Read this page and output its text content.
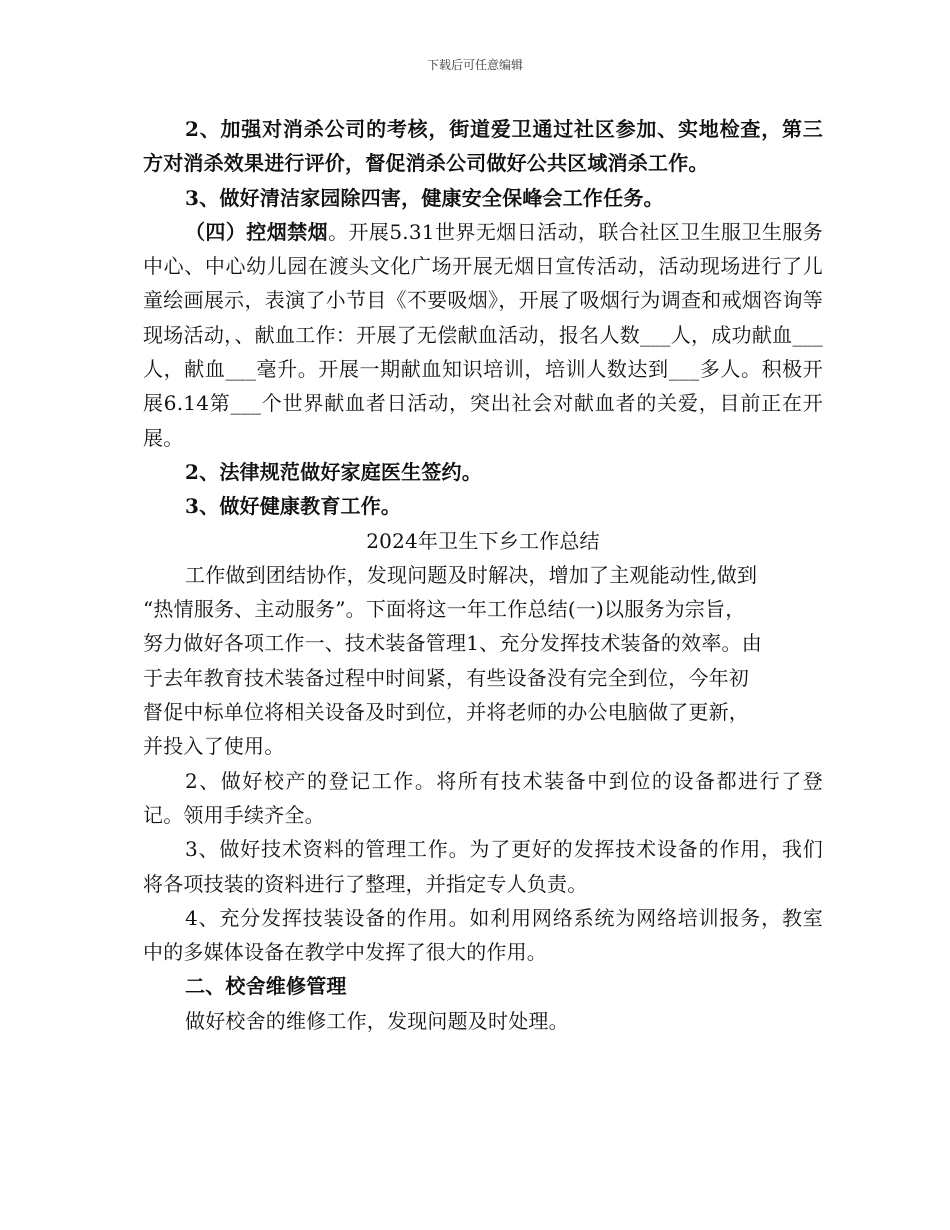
下载后可任意编辑

2、加强对消杀公司的考核，街道爱卫通过社区参加、实地检查，第三方对消杀效果进行评价，督促消杀公司做好公共区域消杀工作。

3、做好清洁家园除四害，健康安全保峰会工作任务。

（四）控烟禁烟。开展5.31世界无烟日活动，联合社区卫生服卫生服务中心、中心幼儿园在渡头文化广场开展无烟日宣传活动，活动现场进行了儿童绘画展示，表演了小节目《不要吸烟》，开展了吸烟行为调查和戒烟咨询等现场活动，、献血工作：开展了无偿献血活动，报名人数___人，成功献血___人，献血___毫升。开展一期献血知识培训，培训人数达到___多人。积极开展6.14第___个世界献血者日活动，突出社会对献血者的关爱，目前正在开展。

2、法律规范做好家庭医生签约。

3、做好健康教育工作。

2024年卫生下乡工作总结

工作做到团结协作，发现问题及时解决，增加了主观能动性,做到
“热情服务、主动服务”。下面将这一年工作总结(一)以服务为宗旨，
努力做好各项工作一、技术装备管理1、充分发挥技术装备的效率。由
于去年教育技术装备过程中时间紧，有些设备没有完全到位，今年初
督促中标单位将相关设备及时到位，并将老师的办公电脑做了更新，
并投入了使用。

2、做好校产的登记工作。将所有技术装备中到位的设备都进行了登记。领用手续齐全。

3、做好技术资料的管理工作。为了更好的发挥技术设备的作用，我们将各项技装的资料进行了整理，并指定专人负责。

4、充分发挥技装设备的作用。如利用网络系统为网络培训报务，教室中的多媒体设备在教学中发挥了很大的作用。

二、校舍维修管理

做好校舍的维修工作，发现问题及时处理。
